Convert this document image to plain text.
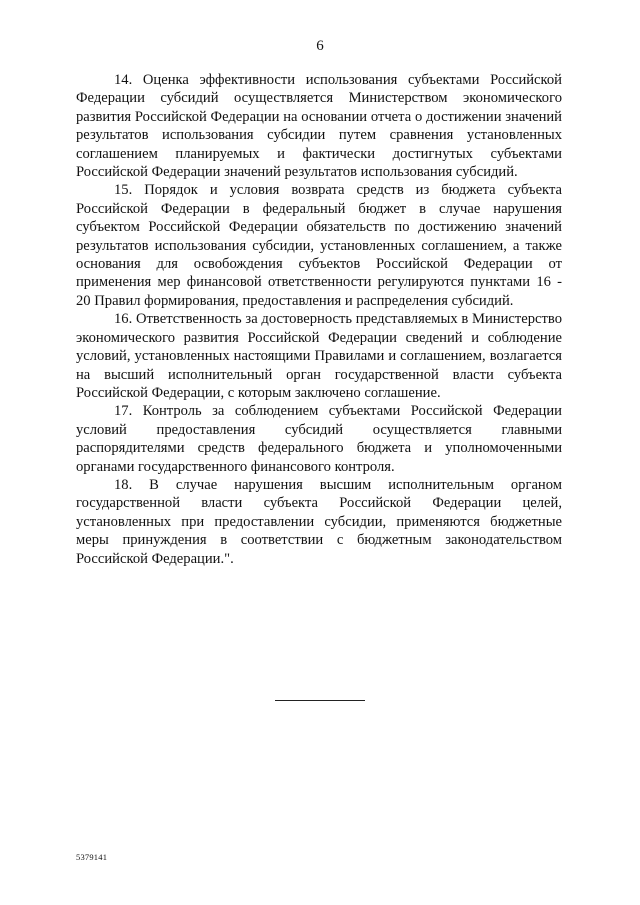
6

14. Оценка эффективности использования субъектами Российской Федерации субсидий осуществляется Министерством экономического развития Российской Федерации на основании отчета о достижении значений результатов использования субсидии путем сравнения установленных соглашением планируемых и фактически достигнутых субъектами Российской Федерации значений результатов использования субсидий.

15. Порядок и условия возврата средств из бюджета субъекта Российской Федерации в федеральный бюджет в случае нарушения субъектом Российской Федерации обязательств по достижению значений результатов использования субсидии, установленных соглашением, а также основания для освобождения субъектов Российской Федерации от применения мер финансовой ответственности регулируются пунктами 16 - 20 Правил формирования, предоставления и распределения субсидий.

16. Ответственность за достоверность представляемых в Министерство экономического развития Российской Федерации сведений и соблюдение условий, установленных настоящими Правилами и соглашением, возлагается на высший исполнительный орган государственной власти субъекта Российской Федерации, с которым заключено соглашение.

17. Контроль за соблюдением субъектами Российской Федерации условий предоставления субсидий осуществляется главными распорядителями средств федерального бюджета и уполномоченными органами государственного финансового контроля.

18. В случае нарушения высшим исполнительным органом государственной власти субъекта Российской Федерации целей, установленных при предоставлении субсидии, применяются бюджетные меры принуждения в соответствии с бюджетным законодательством Российской Федерации.".

5379141
